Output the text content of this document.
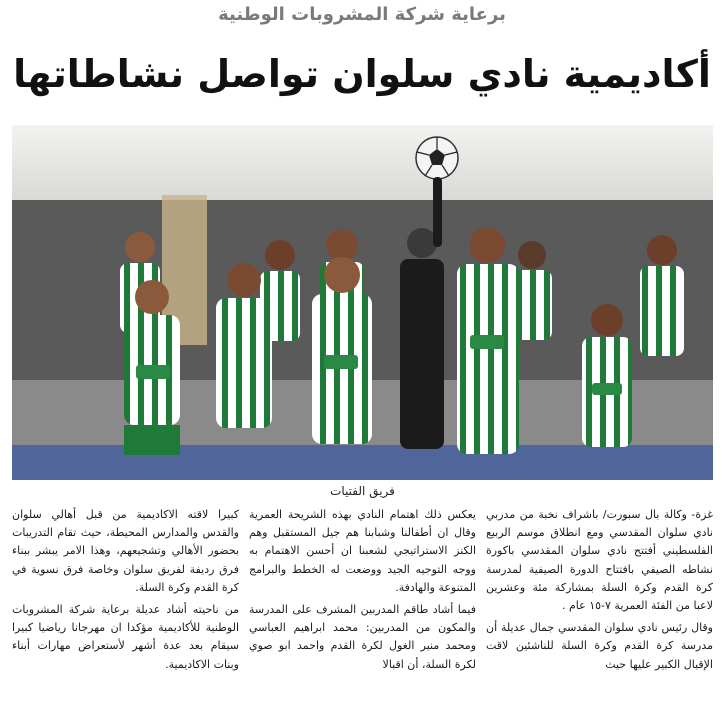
برعاية شركة المشروبات الوطنية
أكاديمية نادي سلوان تواصل نشاطاتها
فريق الفتيات

غزة- وكالة بال سبورت/ باشراف نخبة من مدربي نادي سلوان المقدسي ومع انطلاق موسم الربيع الفلسطيني أفتتح نادي سلوان المقدسي باكورة نشاطه الصيفي بافتتاح الدورة الصيفية لمدرسة كرة القدم وكرة السلة بمشاركة مئة وعشرين لاعبا من الفئة العمرية ٧-١٥ عام .

وقال رئيس نادي سلوان المقدسي جمال عديلة أن مدرسة كرة القدم وكرة السلة للناشئين لاقت الإقبال الكبير عليها حيث

يعكس ذلك اهتمام النادي بهذه الشريحة العمرية وقال ان أطفالنا وشبابنا هم جيل المستقبل وهم الكنز الاستراتيجي لشعبنا ان أحسن الاهتمام به ووجه التوجيه الجيد ووضعت له الخطط والبرامج المتنوعة والهادفة.

فيما أشاد طاقم المدربين المشرف على المدرسة والمكون من المدربين: محمد ابراهيم العباسي ومحمد منير الغول لكرة القدم واحمد ابو صوي لكرة السلة، أن اقبالا

كبيرا لاقته الاكاديمية من قبل أهالي سلوان والقدس والمدارس المحيطة، حيث تقام التدريبات بحضور الأهالي وتشجيعهم، وهذا الامر يبشر ببناء فرق رديفة لفريق سلوان وخاصة فرق نسوية في كرة القدم وكرة السلة.

من ناحيته أشاد عديلة برعاية شركة المشروبات الوطنية للأكاديمية مؤكدا ان مهرجانا رياضيا كبيرا سيقام بعد عدة أشهر لأستعراض مهارات أبناء وبنات الاكاديمية.
